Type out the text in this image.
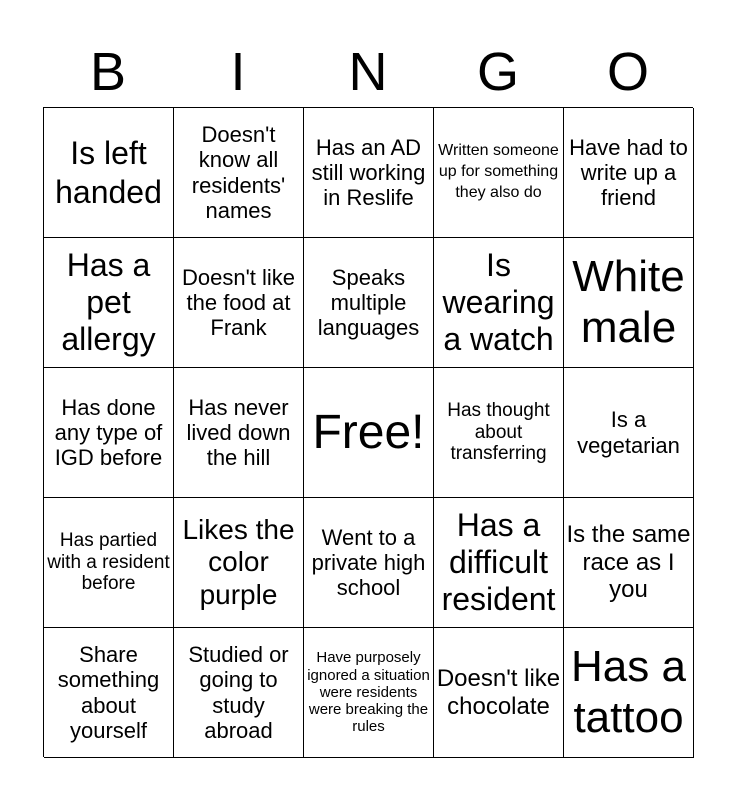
B	I	N	G	O
Is left handed
Doesn't know all residents' names
Has an AD still working in Reslife
Written someone up for something they also do
Have had to write up a friend
Has a pet allergy
Doesn't like the food at Frank
Speaks multiple languages
Is wearing a watch
White male
Has done any type of IGD before
Has never lived down the hill Free!	Has thought about transferring
Is a vegetarian
Has partied with a resident before
Likes the color purple
Went to a private high school
Has a difficult resident
Is the same race as I you
Share something about yourself
Studied or going to study abroad
Have purposely ignored a situation were residents were breaking the rules
Doesn't like chocolate
Has a tattoo
